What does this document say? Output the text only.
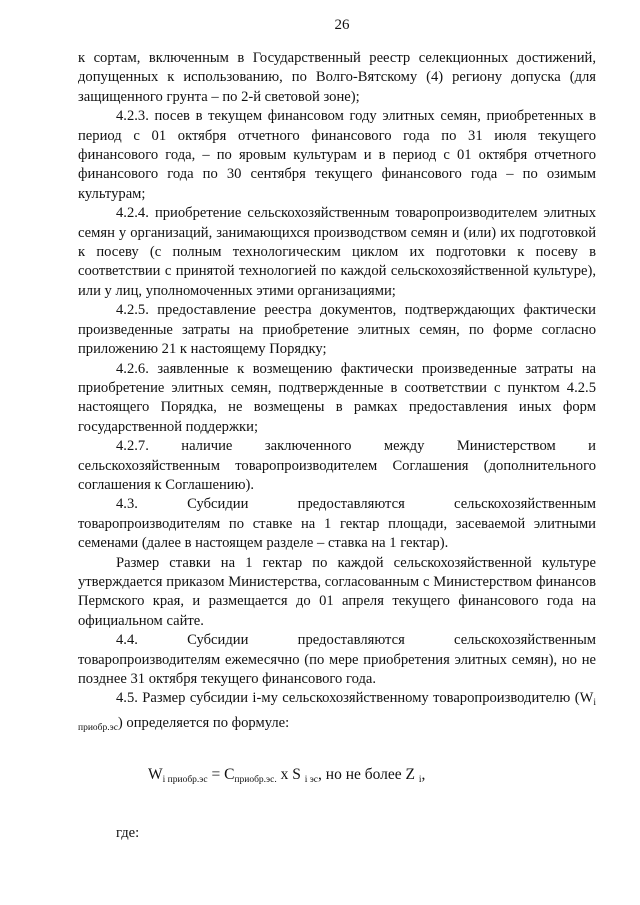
26

к сортам, включенным в Государственный реестр селекционных достижений, допущенных к использованию, по Волго-Вятскому (4) региону допуска (для защищенного грунта – по 2-й световой зоне);

4.2.3. посев в текущем финансовом году элитных семян, приобретенных в период с 01 октября отчетного финансового года по 31 июля текущего финансового года, – по яровым культурам и в период с 01 октября отчетного финансового года по 30 сентября текущего финансового года – по озимым культурам;

4.2.4. приобретение сельскохозяйственным товаропроизводителем элитных семян у организаций, занимающихся производством семян и (или) их подготовкой к посеву (с полным технологическим циклом их подготовки к посеву в соответствии с принятой технологией по каждой сельскохозяйственной культуре), или у лиц, уполномоченных этими организациями;

4.2.5. предоставление реестра документов, подтверждающих фактически произведенные затраты на приобретение элитных семян, по форме согласно приложению 21 к настоящему Порядку;

4.2.6. заявленные к возмещению фактически произведенные затраты на приобретение элитных семян, подтвержденные в соответствии с пунктом 4.2.5 настоящего Порядка, не возмещены в рамках предоставления иных форм государственной поддержки;

4.2.7. наличие заключенного между Министерством и сельскохозяйственным товаропроизводителем Соглашения (дополнительного соглашения к Соглашению).

4.3. Субсидии предоставляются сельскохозяйственным товаропроизводителям по ставке на 1 гектар площади, засеваемой элитными семенами (далее в настоящем разделе – ставка на 1 гектар).

Размер ставки на 1 гектар по каждой сельскохозяйственной культуре утверждается приказом Министерства, согласованным с Министерством финансов Пермского края, и размещается до 01 апреля текущего финансового года на официальном сайте.

4.4. Субсидии предоставляются сельскохозяйственным товаропроизводителям ежемесячно (по мере приобретения элитных семян), но не позднее 31 октября текущего финансового года.

4.5. Размер субсидии i-му сельскохозяйственному товаропроизводителю $(W_{i приобр.эс})$ определяется по формуле:

$W_{i приобр.эс} = C_{приобр.эс.}$ x S $_{i эс}$, но не более Z $_i$,
где:
